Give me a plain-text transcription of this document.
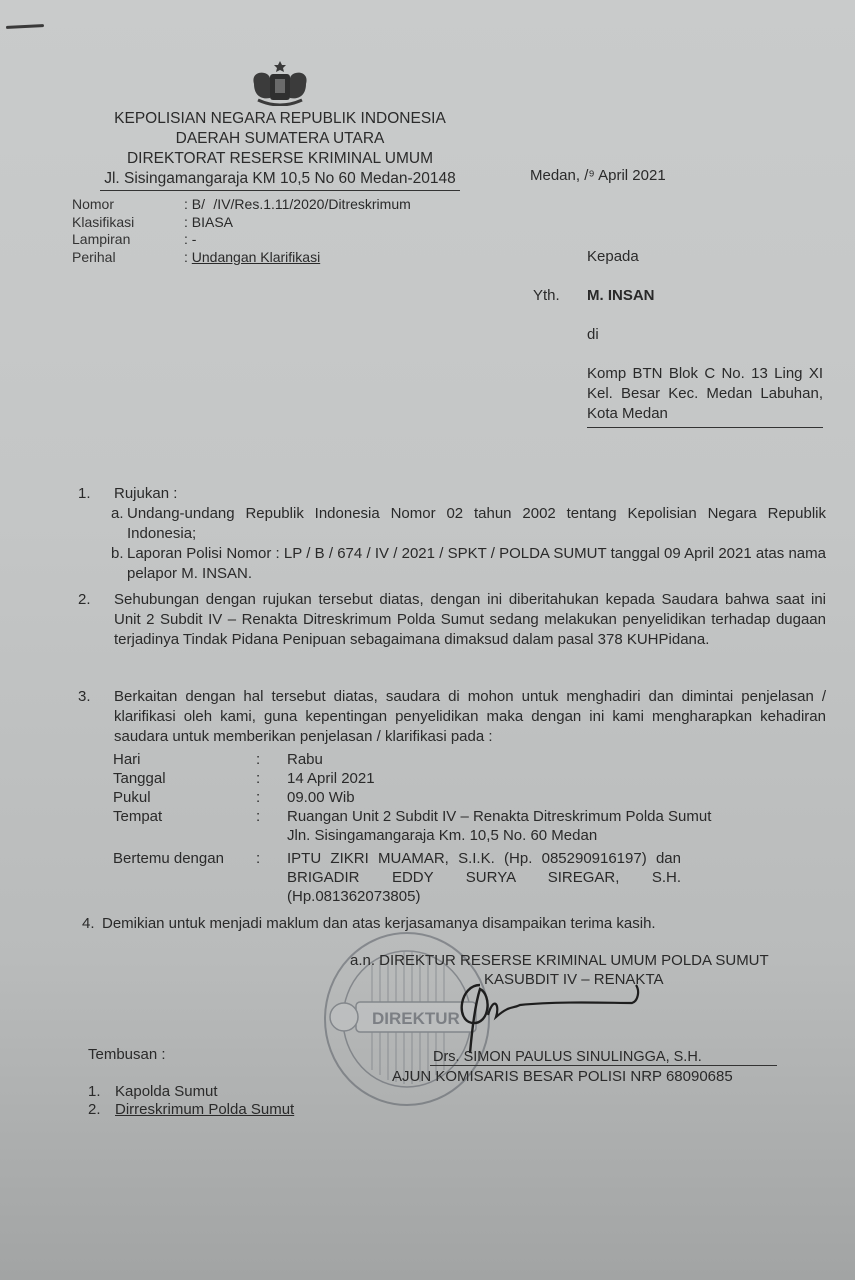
KEPOLISIAN NEGARA REPUBLIK INDONESIA
DAERAH SUMATERA UTARA
DIREKTORAT RESERSE KRIMINAL UMUM
Jl. Sisingamangaraja KM 10,5 No 60 Medan-20148
Nomor	: B/   /IV/Res.1.11/2020/Ditreskrimum
Klasifikasi	: BIASA
Lampiran	: -
Perihal	: Undangan Klarifikasi
Medan, /⁹ April 2021
Kepada
Yth. M. INSAN
di
Komp BTN Blok C No. 13 Ling XI Kel. Besar Kec. Medan Labuhan, Kota Medan
1. Rujukan :
a. Undang-undang Republik Indonesia Nomor 02 tahun 2002 tentang Kepolisian Negara Republik Indonesia;
b. Laporan Polisi Nomor : LP / B / 674 / IV / 2021 / SPKT / POLDA SUMUT tanggal 09 April 2021 atas nama pelapor M. INSAN.
2. Sehubungan dengan rujukan tersebut diatas, dengan ini diberitahukan kepada Saudara bahwa saat ini Unit 2 Subdit IV – Renakta Ditreskrimum Polda Sumut sedang melakukan penyelidikan terhadap dugaan terjadinya Tindak Pidana Penipuan sebagaimana dimaksud dalam pasal 378 KUHPidana.
3. Berkaitan dengan hal tersebut diatas, saudara di mohon untuk menghadiri dan dimintai penjelasan / klarifikasi oleh kami, guna kepentingan penyelidikan maka dengan ini kami mengharapkan kehadiran saudara untuk memberikan penjelasan / klarifikasi pada :
Hari	:	Rabu
Tanggal	:	14 April 2021
Pukul	:	09.00 Wib
Tempat	:	Ruangan Unit 2 Subdit IV – Renakta Ditreskrimum Polda Sumut
Jln. Sisingamangaraja Km. 10,5 No. 60 Medan
Bertemu dengan	:	IPTU ZIKRI MUAMAR, S.I.K. (Hp. 085290916197) dan BRIGADIR EDDY SURYA SIREGAR, S.H. (Hp.081362073805)
4. Demikian untuk menjadi maklum dan atas kerjasamanya disampaikan terima kasih.
DIREKTUR
a.n. DIREKTUR RESERSE KRIMINAL UMUM POLDA SUMUT
KASUBDIT IV – RENAKTA
Drs. SIMON PAULUS SINULINGGA, S.H.
AJUN KOMISARIS BESAR POLISI NRP 68090685
Tembusan :
1. Kapolda Sumut
2. Dirreskrimum Polda Sumut
